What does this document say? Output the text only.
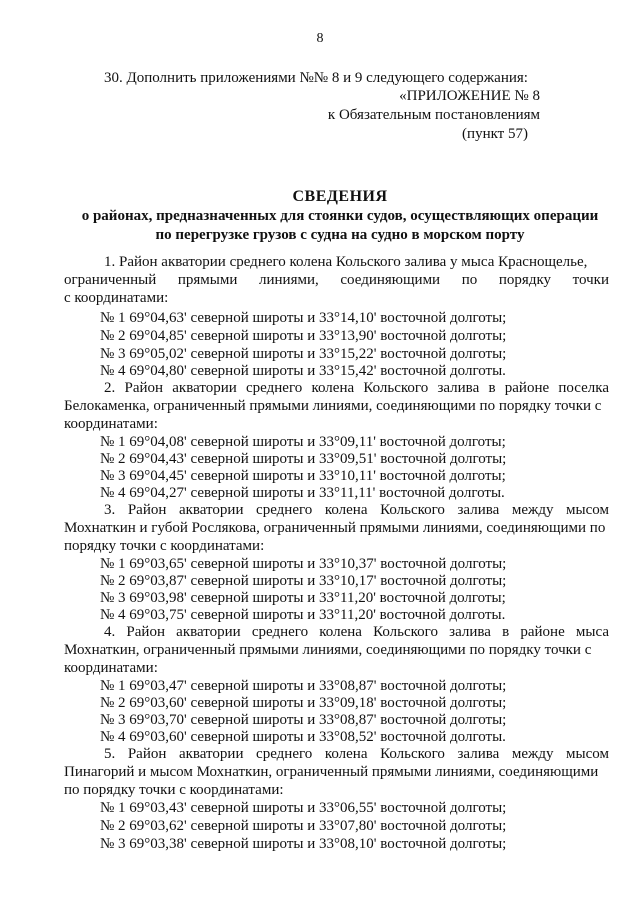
8
30. Дополнить приложениями №№ 8 и 9 следующего содержания:
«ПРИЛОЖЕНИЕ № 8
к Обязательным постановлениям
(пункт 57)
СВЕДЕНИЯ
о районах, предназначенных для стоянки судов, осуществляющих операции
по перегрузке грузов с судна на судно в морском порту
1. Район акватории среднего колена Кольского залива у мыса Краснощелье,
ограниченный прямыми линиями, соединяющими по порядку точки
с координатами:
№ 1 69°04,63' северной широты и 33°14,10' восточной долготы;
№ 2 69°04,85' северной широты и 33°13,90' восточной долготы;
№ 3 69°05,02' северной широты и 33°15,22' восточной долготы;
№ 4 69°04,80' северной широты и 33°15,42' восточной долготы.
2. Район акватории среднего колена Кольского залива в районе поселка
Белокаменка, ограниченный прямыми линиями, соединяющими по порядку точки с
координатами:
№ 1 69°04,08' северной широты и 33°09,11' восточной долготы;
№ 2 69°04,43' северной широты и 33°09,51' восточной долготы;
№ 3 69°04,45' северной широты и 33°10,11' восточной долготы;
№ 4 69°04,27' северной широты и 33°11,11' восточной долготы.
3. Район акватории среднего колена Кольского залива между мысом
Мохнаткин и губой Рослякова, ограниченный прямыми линиями, соединяющими по
порядку точки с координатами:
№ 1 69°03,65' северной широты и 33°10,37' восточной долготы;
№ 2 69°03,87' северной широты и 33°10,17' восточной долготы;
№ 3 69°03,98' северной широты и 33°11,20' восточной долготы;
№ 4 69°03,75' северной широты и 33°11,20' восточной долготы.
4. Район акватории среднего колена Кольского залива в районе мыса
Мохнаткин, ограниченный прямыми линиями, соединяющими по порядку точки с
координатами:
№ 1 69°03,47' северной широты и 33°08,87' восточной долготы;
№ 2 69°03,60' северной широты и 33°09,18' восточной долготы;
№ 3 69°03,70' северной широты и 33°08,87' восточной долготы;
№ 4 69°03,60' северной широты и 33°08,52' восточной долготы.
5. Район акватории среднего колена Кольского залива между мысом
Пинагорий и мысом Мохнаткин, ограниченный прямыми линиями, соединяющими
по порядку точки с координатами:
№ 1 69°03,43' северной широты и 33°06,55' восточной долготы;
№ 2 69°03,62' северной широты и 33°07,80' восточной долготы;
№ 3 69°03,38' северной широты и 33°08,10' восточной долготы;
